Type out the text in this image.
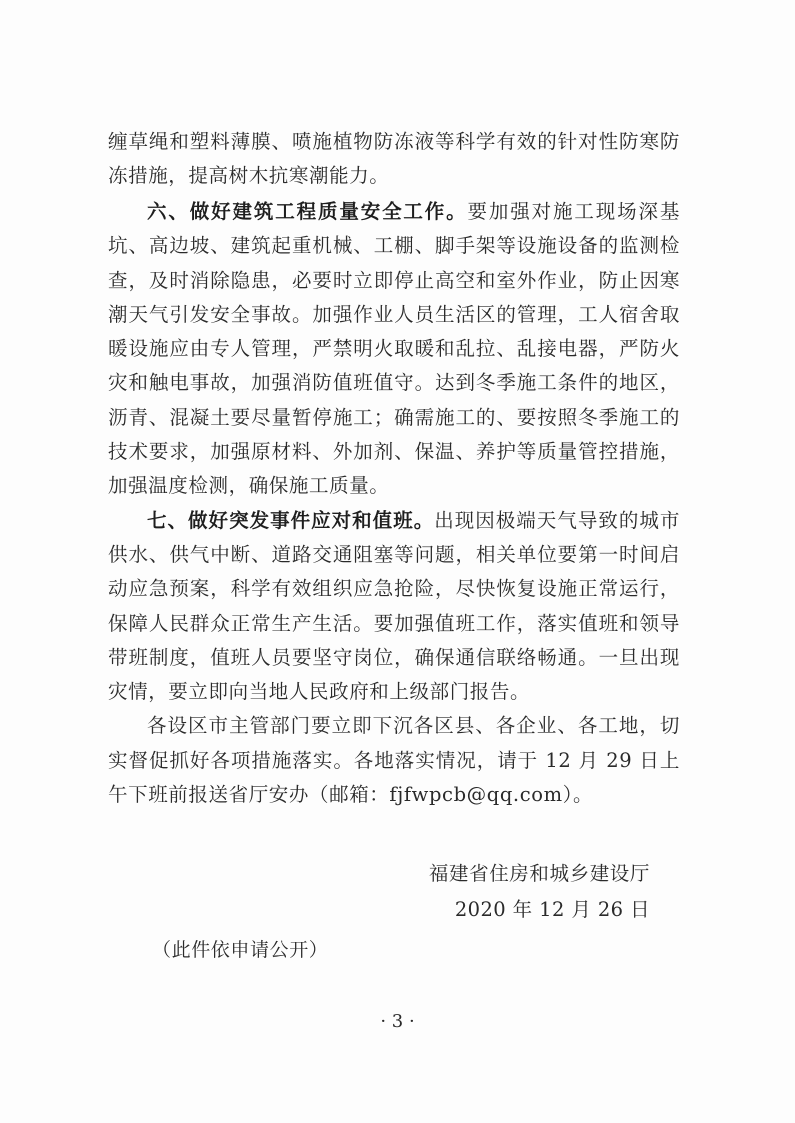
缠草绳和塑料薄膜、喷施植物防冻液等科学有效的针对性防寒防冻措施，提高树木抗寒潮能力。

六、做好建筑工程质量安全工作。要加强对施工现场深基坑、高边坡、建筑起重机械、工棚、脚手架等设施设备的监测检查，及时消除隐患，必要时立即停止高空和室外作业，防止因寒潮天气引发安全事故。加强作业人员生活区的管理，工人宿舍取暖设施应由专人管理，严禁明火取暖和乱拉、乱接电器，严防火灾和触电事故，加强消防值班值守。达到冬季施工条件的地区，沥青、混凝土要尽量暂停施工；确需施工的、要按照冬季施工的技术要求，加强原材料、外加剂、保温、养护等质量管控措施，加强温度检测，确保施工质量。

七、做好突发事件应对和值班。出现因极端天气导致的城市供水、供气中断、道路交通阻塞等问题，相关单位要第一时间启动应急预案，科学有效组织应急抢险，尽快恢复设施正常运行，保障人民群众正常生产生活。要加强值班工作，落实值班和领导带班制度，值班人员要坚守岗位，确保通信联络畅通。一旦出现灾情，要立即向当地人民政府和上级部门报告。

各设区市主管部门要立即下沉各区县、各企业、各工地，切实督促抓好各项措施落实。各地落实情况，请于 12 月 29 日上午下班前报送省厅安办（邮箱：fjfwpcb@qq.com）。

福建省住房和城乡建设厅
2020 年 12 月 26 日
（此件依申请公开）
· 3 ·
